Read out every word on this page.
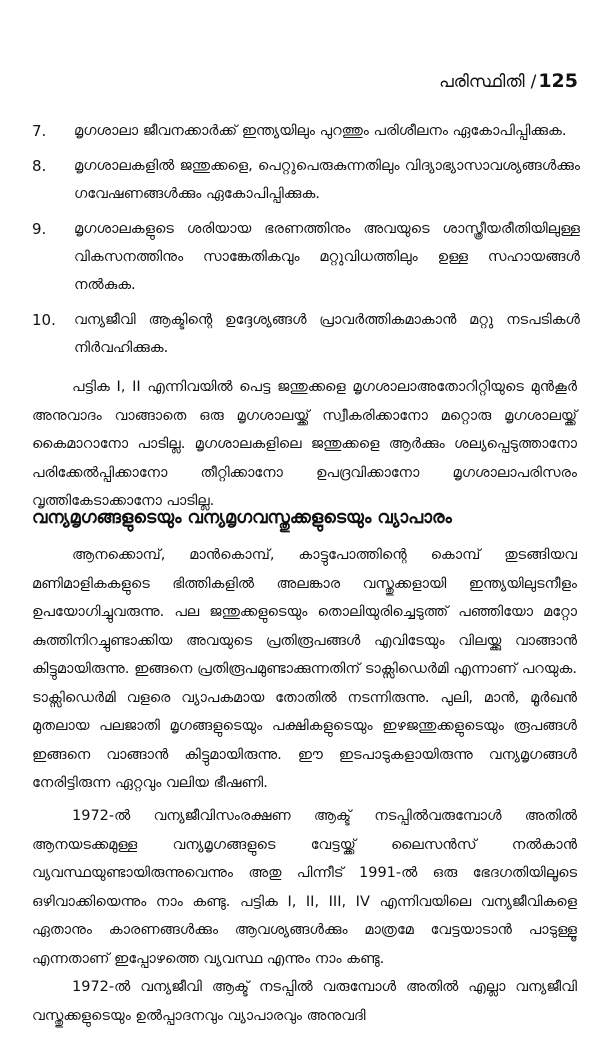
പരിസ്ഥിതി / 125
7.	മൃഗശാലാ ജീവനക്കാർക്ക് ഇന്ത്യയിലും പുറത്തും പരിശീലനം ഏകോപിപ്പിക്കുക.
8.	മൃഗശാലകളിൽ ജന്തുക്കളെ, പെറ്റുപെരുകുന്നതിലും വിദ്യാഭ്യാസാവശ്യങ്ങൾക്കും ഗവേഷണങ്ങൾക്കും ഏകോപിപ്പിക്കുക.
9.	മൃഗശാലകളുടെ ശരിയായ ഭരണത്തിനും അവയുടെ ശാസ്ത്രീയരീതിയിലുള്ള വികസനത്തിനും സാങ്കേതികവും മറ്റുവിധത്തിലും ഉള്ള സഹായങ്ങൾ നൽകുക.
10.	വന്യജീവി ആക്ടിന്റെ ഉദ്ദേശ്യങ്ങൾ പ്രാവർത്തികമാകാൻ മറ്റു നടപടികൾ നിർവഹിക്കുക.

പട്ടിക I, II എന്നിവയിൽ പെട്ട ജന്തുക്കളെ മൃഗശാലാഅതോറിറ്റിയുടെ മുൻകൂർ അനുവാദം വാങ്ങാതെ ഒരു മൃഗശാലയ്ക്ക് സ്വീകരിക്കാനോ മറ്റൊരു മൃഗശാലയ്ക്ക് കൈമാറാനോ പാടില്ല. മൃഗശാലകളിലെ ജന്തുക്കളെ ആർക്കും ശല്യപ്പെടുത്താനോ പരിക്കേൽപ്പിക്കാനോ തീറ്റിക്കാനോ ഉപദ്രവിക്കാനോ മൃഗശാലാപരിസരം വൃത്തികേടാക്കാനോ പാടില്ല.

വന്യമൃഗങ്ങളുടെയും വന്യമൃഗവസ്തുക്കളുടെയും വ്യാപാരം

ആനക്കൊമ്പ്, മാൻകൊമ്പ്, കാട്ടുപോത്തിന്റെ കൊമ്പ് തുടങ്ങിയവ മണിമാളികകളുടെ ഭിത്തികളിൽ അലങ്കാര വസ്തുക്കളായി ഇന്ത്യയിലുടനീളം ഉപയോഗിച്ചുവരുന്നു. പല ജന്തുക്കളുടെയും തൊലിയുരിച്ചെടുത്ത് പഞ്ഞിയോ മറ്റോ കുത്തിനിറച്ചുണ്ടാക്കിയ അവയുടെ പ്രതിരൂപങ്ങൾ എവിടേയും വിലയ്ക്കു വാങ്ങാൻ കിട്ടുമായിരുന്നു. ഇങ്ങനെ പ്രതിരൂപമുണ്ടാക്കുന്നതിന് ടാക്സിഡെർമി എന്നാണ് പറയുക. ടാക്സിഡെർമി വളരെ വ്യാപകമായ തോതിൽ നടന്നിരുന്നു. പുലി, മാൻ, മൂർഖൻ മുതലായ പലജാതി മൃഗങ്ങളുടെയും പക്ഷികളുടെയും ഇഴജന്തുക്കളുടെയും രൂപങ്ങൾ ഇങ്ങനെ വാങ്ങാൻ കിട്ടുമായിരുന്നു. ഈ ഇടപാടുകളായിരുന്നു വന്യമൃഗങ്ങൾ നേരിട്ടിരുന്ന ഏറ്റവും വലിയ ഭീഷണി.

1972-ൽ വന്യജീവിസംരക്ഷണ ആക്ട് നടപ്പിൽവരുമ്പോൾ അതിൽ ആനയടക്കമുള്ള വന്യമൃഗങ്ങളുടെ വേട്ടയ്ക്ക് ലൈസൻസ് നൽകാൻ വ്യവസ്ഥയുണ്ടായിരുന്നുവെന്നും അതു പിന്നീട് 1991-ൽ ഒരു ഭേദഗതിയിലൂടെ ഒഴിവാക്കിയെന്നും നാം കണ്ടു. പട്ടിക I, II, III, IV എന്നിവയിലെ വന്യജീവികളെ ഏതാനും കാരണങ്ങൾക്കും ആവശ്യങ്ങൾക്കും മാത്രമേ വേട്ടയാടാൻ പാടുള്ളൂ എന്നതാണ് ഇപ്പോഴത്തെ വ്യവസ്ഥ എന്നും നാം കണ്ടു.

1972-ൽ വന്യജീവി ആക്ട് നടപ്പിൽ വരുമ്പോൾ അതിൽ എല്ലാ വന്യജീവി വസ്തുക്കളുടെയും ഉൽപ്പാദനവും വ്യാപാരവും അനുവദി
